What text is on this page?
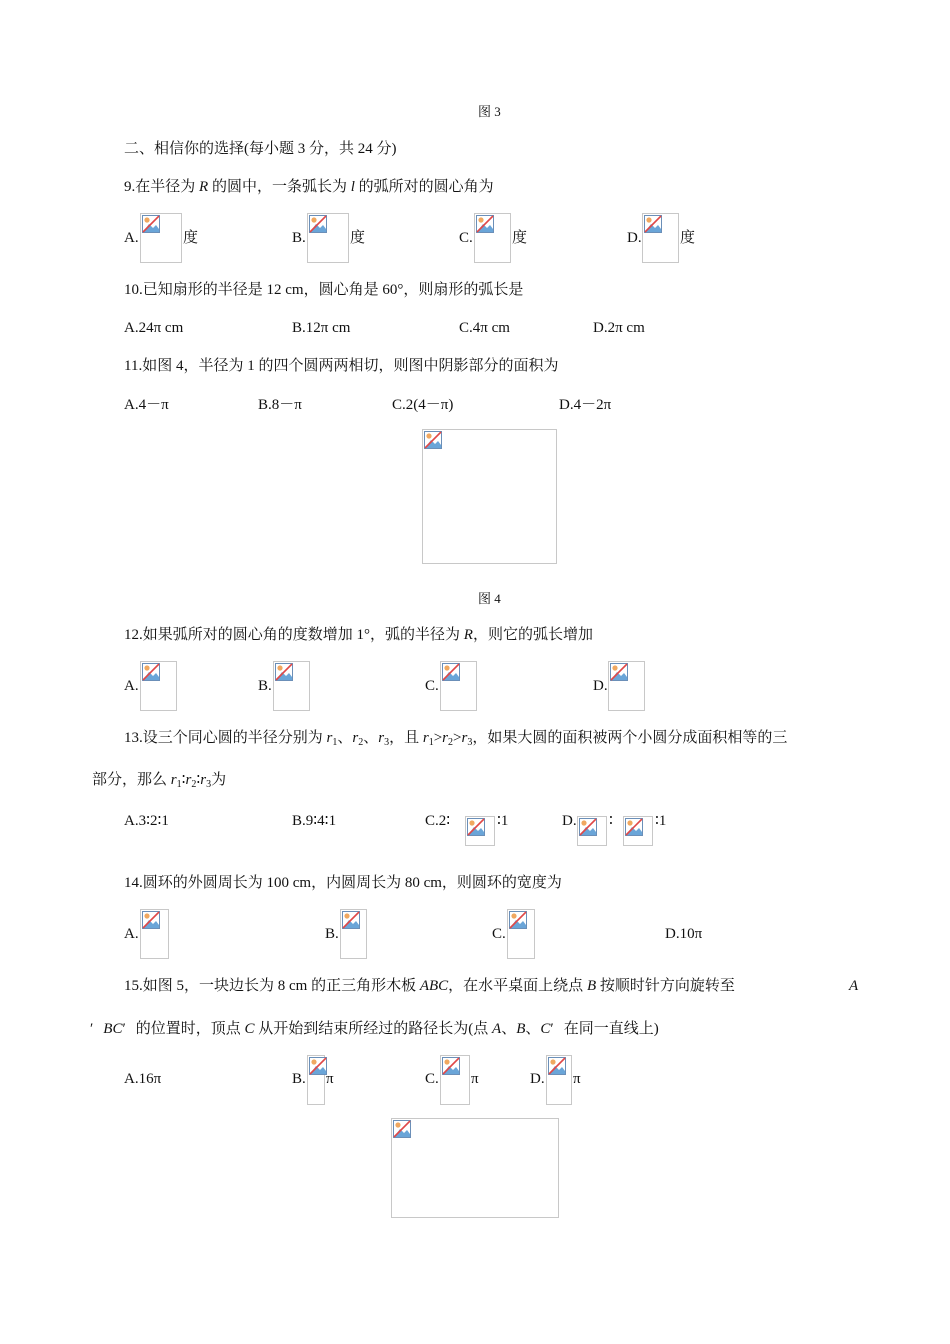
图 3
二、相信你的选择(每小题 3 分，共 24 分)
9.在半径为 R 的圆中，一条弧长为 l 的弧所对的圆心角为
A.	度	B.	度	C.	度	D.	度
10.已知扇形的半径是 12 cm，圆心角是 60°，则扇形的弧长是
A.24π cm	B.12π cm	C.4π cm	D.2π cm
11.如图 4，半径为 1 的四个圆两两相切，则图中阴影部分的面积为
A.4－π	B.8－π	C.2(4－π)	D.4－2π
图 4
12.如果弧所对的圆心角的度数增加 1°，弧的半径为 R，则它的弧长增加
A.	B.	C.	D.
13.设三个同心圆的半径分别为 $r_1$、$r_2$、$r_3$，且 $r_1>r_2>r_3$，如果大圆的面积被两个小圆分成面积相等的三
部分，那么 $r_1∶r_2∶r_3$为
A.3∶2∶1	B.9∶4∶1	C.2∶	∶1	D. ∶	∶1
14.圆环的外圆周长为 100 cm，内圆周长为 80 cm，则圆环的宽度为
A.	B.	C.	D.10π
15.如图 5，一块边长为 8 cm 的正三角形木板 ABC，在水平桌面上绕点 B 按顺时针方向旋转至	A
′ BC′ 的位置时，顶点 C 从开始到结束所经过的路径长为(点 A、B、C′ 在同一直线上)
A.16π	B. π	C. π	D. π
